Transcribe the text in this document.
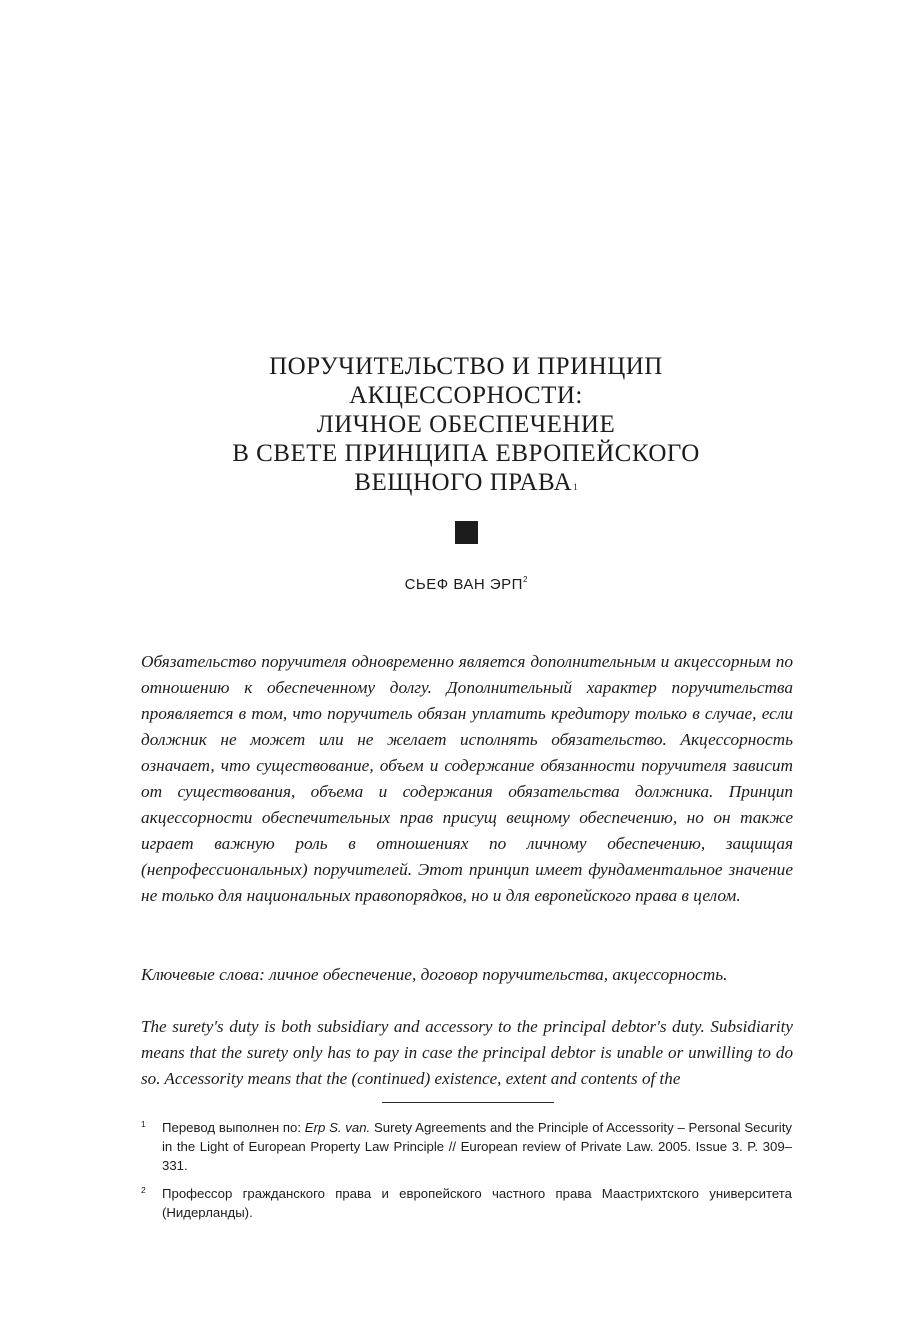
ПОРУЧИТЕЛЬСТВО И ПРИНЦИП
АКЦЕССОРНОСТИ:
ЛИЧНОЕ ОБЕСПЕЧЕНИЕ
В СВЕТЕ ПРИНЦИПА ЕВРОПЕЙСКОГО
ВЕЩНОГО ПРАВА$^1$
СЬЕФ ВАН ЭРП$^2$

Обязательство поручителя одновременно является дополнительным и акцессорным по отношению к обеспеченному долгу. Дополнительный характер поручительства проявляется в том, что поручитель обязан уплатить кредитору только в случае, если должник не может или не желает исполнять обязательство. Акцессорность означает, что существование, объем и содержание обязанности поручителя зависит от существования, объема и содержания обязательства должника. Принцип акцессорности обеспечительных прав присущ вещному обеспечению, но он также играет важную роль в отношениях по личному обеспечению, защищая (непрофессиональных) поручителей. Этот принцип имеет фундаментальное значение не только для национальных правопорядков, но и для европейского права в целом.

Ключевые слова: личное обеспечение, договор поручительства, акцессорность.

The surety's duty is both subsidiary and accessory to the principal debtor's duty. Subsidiarity means that the surety only has to pay in case the principal debtor is unable or unwilling to do so. Accessority means that the (continued) existence, extent and contents of the

1 Перевод выполнен по: Erp S. van. Surety Agreements and the Principle of Accessority – Personal Security in the Light of European Property Law Principle // European review of Private Law. 2005. Issue 3. P. 309–331.
2 Профессор гражданского права и европейского частного права Маастрихтского университета (Нидерланды).
